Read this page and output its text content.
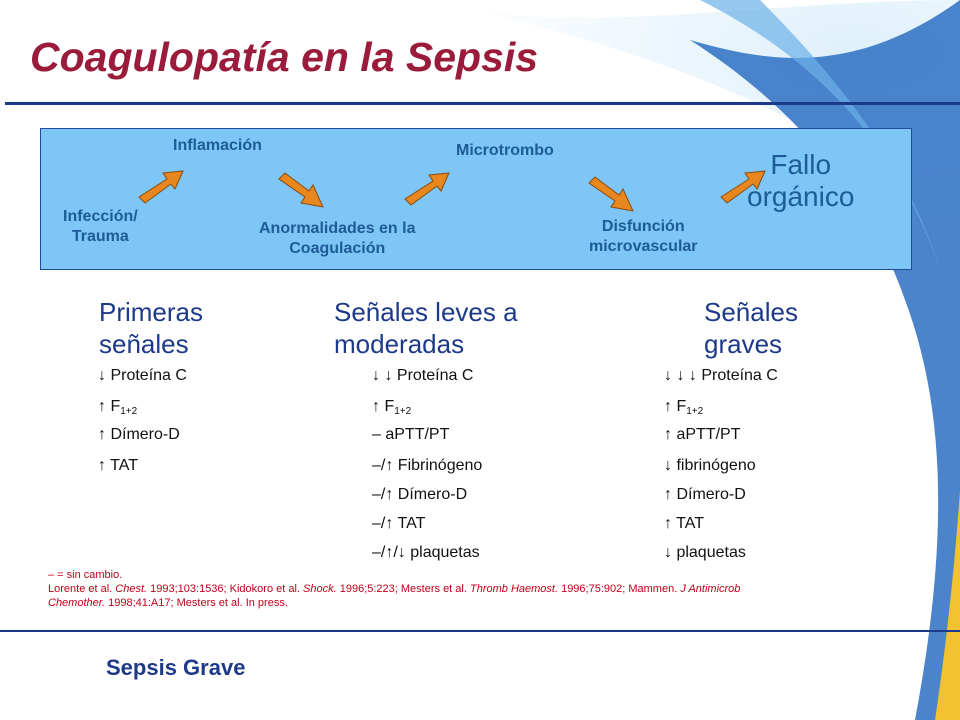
Coagulopatía en la Sepsis
Infección/
Trauma
Inflamación
Anormalidades en la
Coagulación
Microtrombo
Disfunción
microvascular
Fallo
orgánico
Primeras
señales
Señales leves a
moderadas
Señales
graves
↓ Proteína C
↑ $F_{1+2}$
↑ Dímero-D
↑ TAT
↓ ↓ Proteína C
↑ $F_{1+2}$
– aPTT/PT
–/↑ Fibrinógeno
–/↑ Dímero-D
–/↑ TAT
–/↑/↓ plaquetas
↓ ↓ ↓ Proteína C
↑ $F_{1+2}$
↑ aPTT/PT
↓ fibrinógeno
↑ Dímero-D
↑ TAT
↓ plaquetas
– = sin cambio.
Lorente et al. Chest. 1993;103:1536; Kidokoro et al. Shock. 1996;5:223; Mesters et al. Thromb Haemost. 1996;75:902; Mammen. J Antimicrob
Chemother. 1998;41:A17; Mesters et al. In press.
Sepsis Grave
